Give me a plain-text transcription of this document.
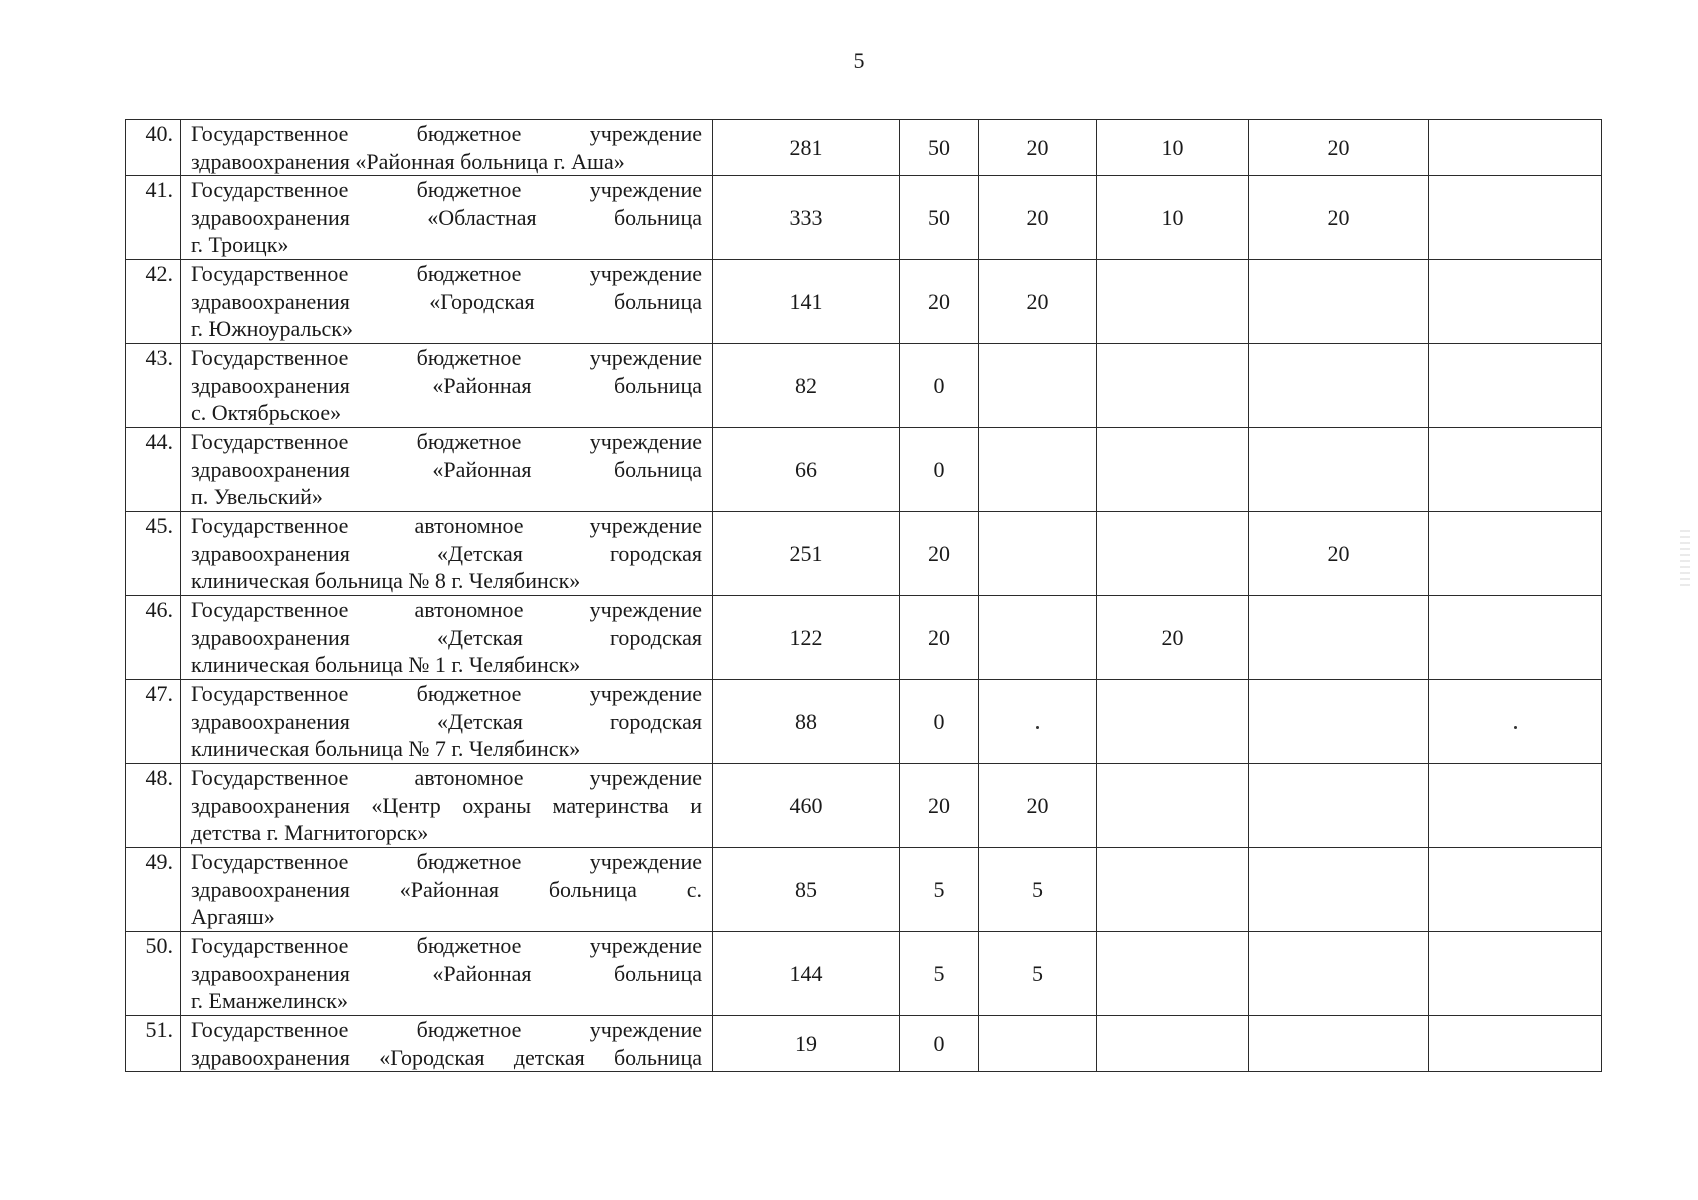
5
40.	Государственное бюджетное учреждение
здравоохранения «Районная больница г. Аша»	281	50	20	10	20	
41.	Государственное бюджетное учреждение
здравоохранения «Областная больница
г. Троицк»	333	50	20	10	20	
42.	Государственное бюджетное учреждение
здравоохранения «Городская больница
г. Южноуральск»	141	20	20			
43.	Государственное бюджетное учреждение
здравоохранения «Районная больница
с. Октябрьское»	82	0				
44.	Государственное бюджетное учреждение
здравоохранения «Районная больница
п. Увельский»	66	0				
45.	Государственное автономное учреждение
здравоохранения «Детская городская
клиническая больница № 8 г. Челябинск»	251	20			20	
46.	Государственное автономное учреждение
здравоохранения «Детская городская
клиническая больница № 1 г. Челябинск»	122	20		20		
47.	Государственное бюджетное учреждение
здравоохранения «Детская городская
клиническая больница № 7 г. Челябинск»	88	0				
48.	Государственное автономное учреждение
здравоохранения «Центр охраны материнства и
детства г. Магнитогорск»	460	20	20			
49.	Государственное бюджетное учреждение
здравоохранения «Районная больница с.
Аргаяш»	85	5	5			
50.	Государственное бюджетное учреждение
здравоохранения «Районная больница
г. Еманжелинск»	144	5	5			
51.	Государственное бюджетное учреждение
здравоохранения «Городская детская больница	19	0				
